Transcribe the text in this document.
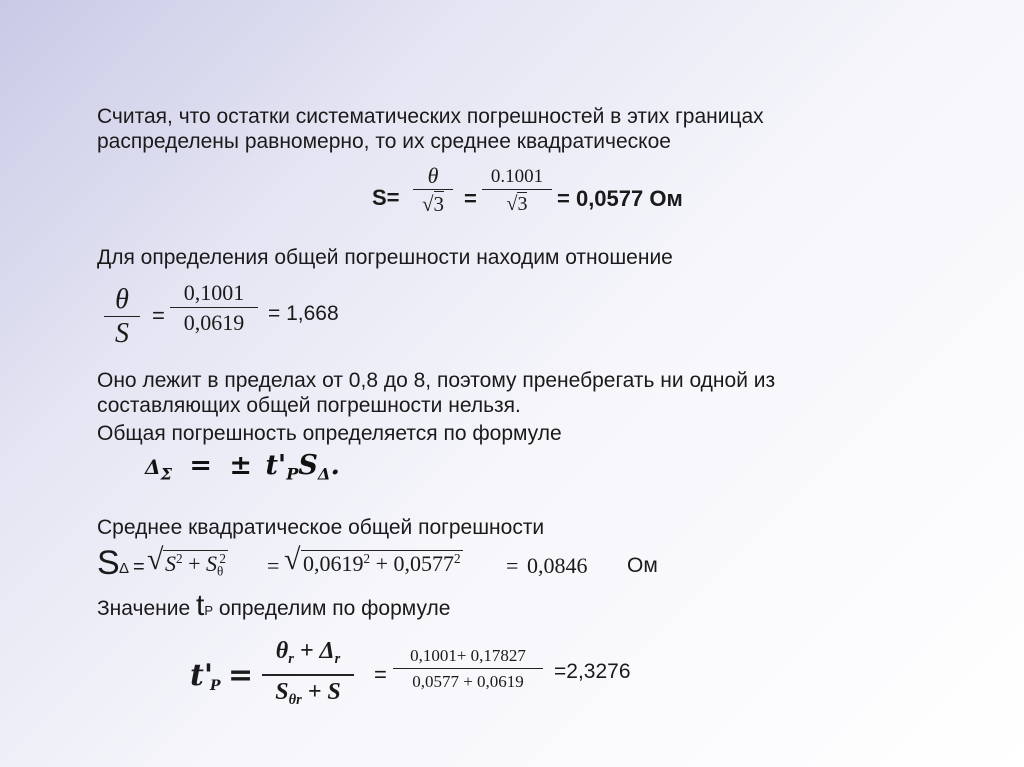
Считая, что остатки систематических погрешностей в этих границах
распределены равномерно, то их среднее квадратическое
S=
θ
√3 =
0.1001
√3	= 0,0577 Ом
Для определения общей погрешности находим отношение
θ
S
=
0,1001
0,0619	= 1,668
Оно лежит в пределах от 0,8 до 8, поэтому пренебрегать ни одной из
составляющих общей погрешности нельзя.
Общая погрешность определяется по формуле
$\Delta_\Sigma$ = ± $t'_PS_\Delta$.
Среднее квадратическое общей погрешности
S Δ = √ $S^2 + S_\theta^2$ = √ $0,0619^2 + 0,0577^2 = 0,0846$ Ом
Значение tP определим по формуле
t'
P =
$\theta_r + \Delta_r$
$S_{\theta r} + S$
=
0,1001+ 0,17827
0,0577 + 0,0619	=2,3276
